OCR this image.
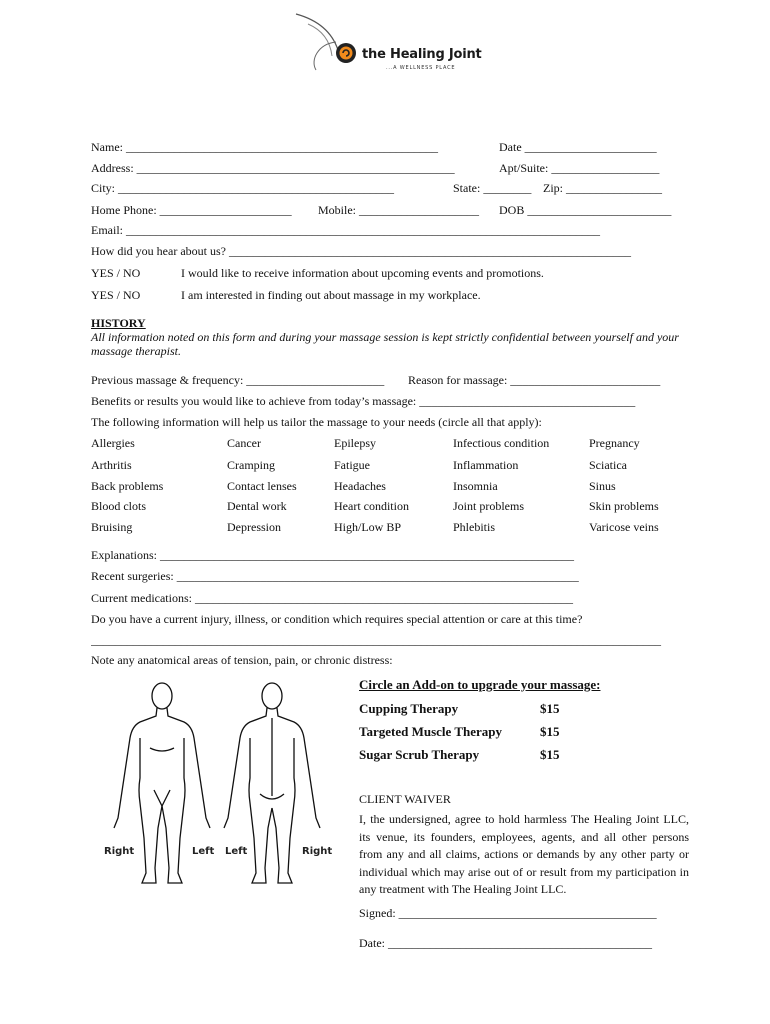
the Healing Joint
...A WELLNESS PLACE
Name: ____________________________________________________	Date ______________________
Address: _____________________________________________________	Apt/Suite: __________________
City: ______________________________________________	State: ________ Zip: ________________
Home Phone: ______________________ Mobile: ____________________ DOB ________________________
Email: _______________________________________________________________________________
How did you hear about us? ___________________________________________________________________
YES / NO	I would like to receive information about upcoming events and promotions.
YES / NO	I am interested in finding out about massage in my workplace.
HISTORY
All information noted on this form and during your massage session is kept strictly confidential between yourself and your massage therapist.
Previous massage & frequency: _______________________ Reason for massage: _________________________
Benefits or results you would like to achieve from today’s massage: ____________________________________
The following information will help us tailor the massage to your needs (circle all that apply):
Allergies	Cancer	Epilepsy	Infectious condition	Pregnancy
Arthritis	Cramping	Fatigue	Inflammation	Sciatica
Back problems	Contact lenses	Headaches	Insomnia	Sinus
Blood clots	Dental work	Heart condition	Joint problems	Skin problems
Bruising	Depression	High/Low BP	Phlebitis	Varicose veins
Explanations: _____________________________________________________________________
Recent surgeries: ___________________________________________________________________
Current medications: _______________________________________________________________
Do you have a current injury, illness, or condition which requires special attention or care at this time?
_______________________________________________________________________________________________
Note any anatomical areas of tension, pain, or chronic distress:
Right	Left Left	Right
Circle an Add-on to upgrade your massage:
Cupping Therapy	$15
Targeted Muscle Therapy	$15
Sugar Scrub Therapy	$15
CLIENT WAIVER
I, the undersigned, agree to hold harmless The Healing Joint LLC, its venue, its founders, employees, agents, and all other persons from any and all claims, actions or demands by any other party or individual which may arise out of or result from my participation in any treatment with The Healing Joint LLC.
Signed: ___________________________________________
Date: ____________________________________________
